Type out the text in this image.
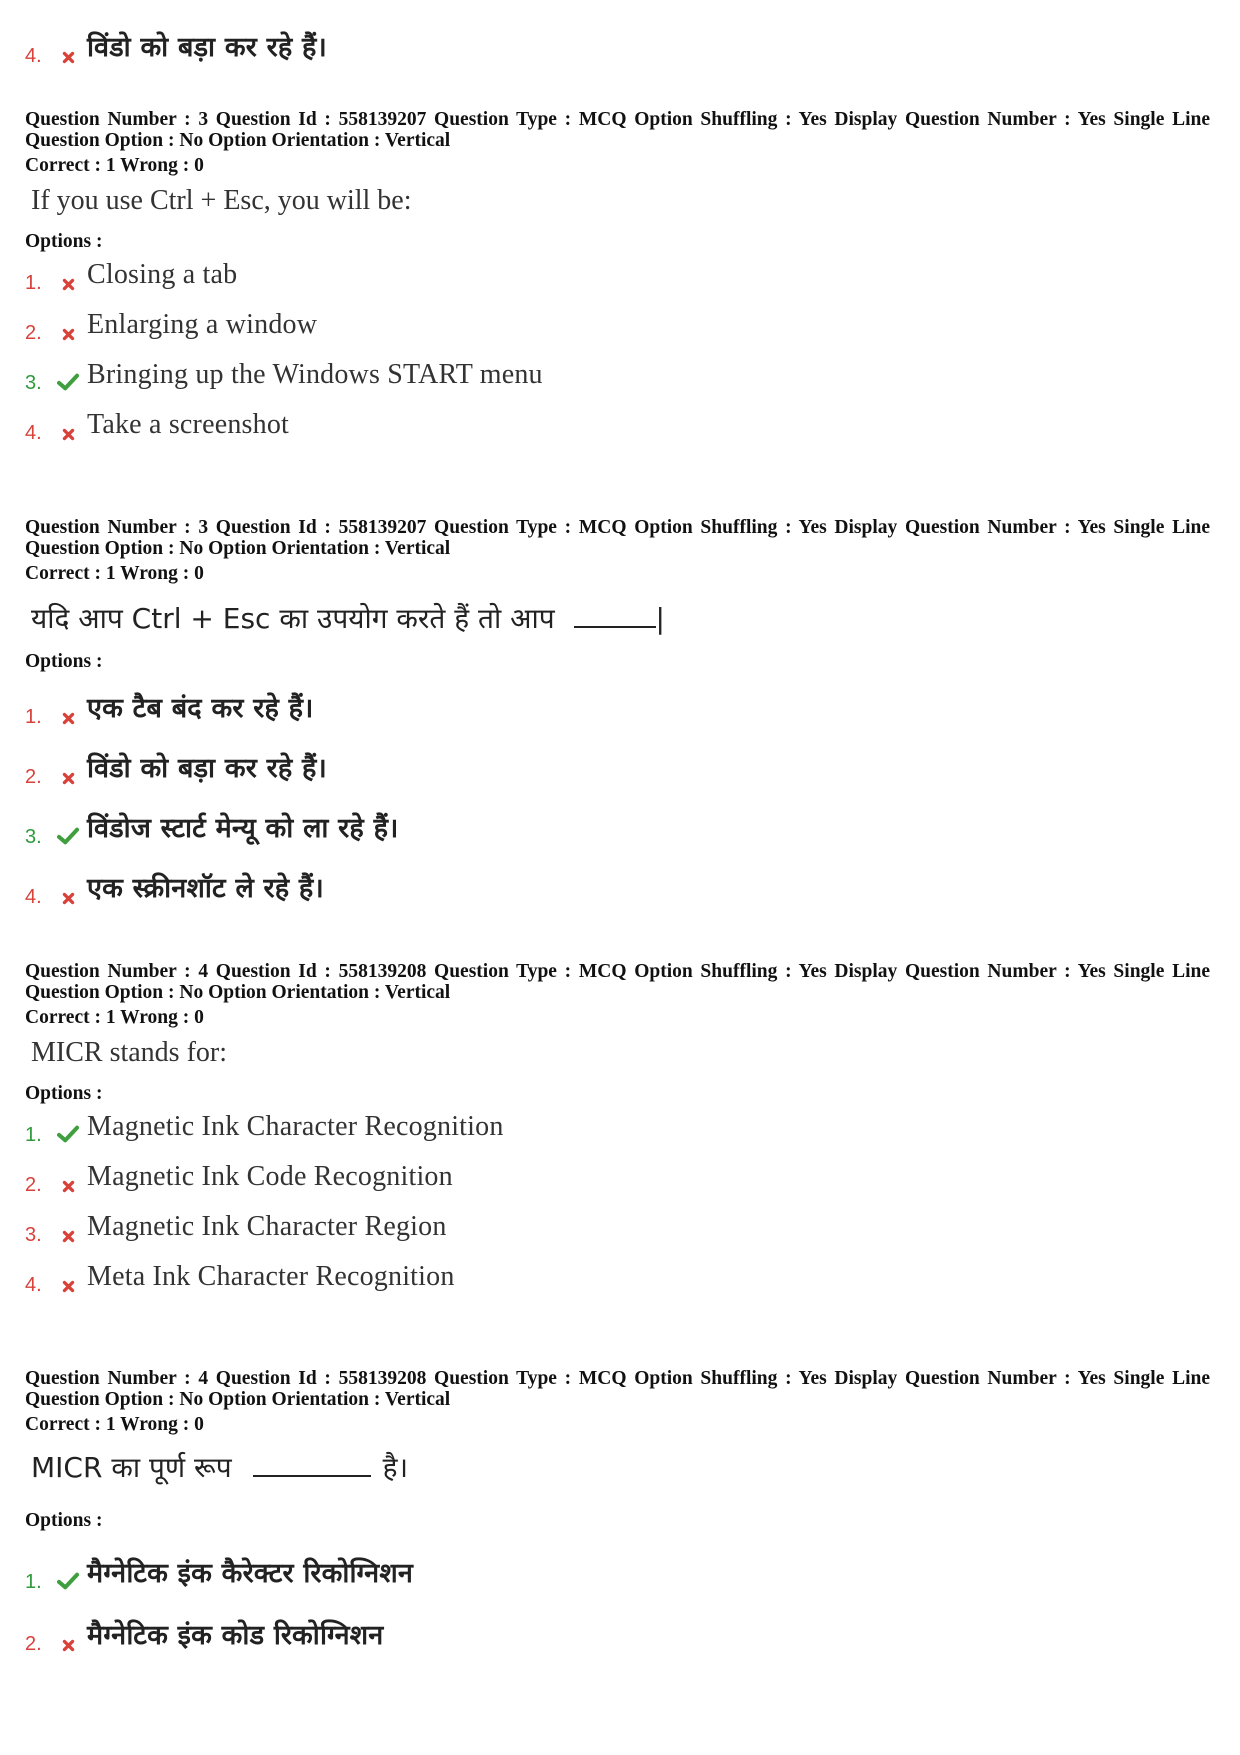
4. विंडो को बड़ा कर रहे हैं।
Question Number : 3 Question Id : 558139207 Question Type : MCQ Option Shuffling : Yes Display Question Number : Yes Single Line Question Option : No Option Orientation : Vertical
Correct : 1 Wrong : 0
If you use Ctrl + Esc, you will be:
Options :
1. Closing a tab
2. Enlarging a window
3. Bringing up the Windows START menu
4. Take a screenshot
Question Number : 3 Question Id : 558139207 Question Type : MCQ Option Shuffling : Yes Display Question Number : Yes Single Line Question Option : No Option Orientation : Vertical
Correct : 1 Wrong : 0
यदि आप Ctrl + Esc का उपयोग करते हैं तो आप	|
Options :
1. एक टैब बंद कर रहे हैं।
2. विंडो को बड़ा कर रहे हैं।
3. विंडोज स्टार्ट मेन्यू को ला रहे हैं।
4. एक स्क्रीनशॉट ले रहे हैं।
Question Number : 4 Question Id : 558139208 Question Type : MCQ Option Shuffling : Yes Display Question Number : Yes Single Line Question Option : No Option Orientation : Vertical
Correct : 1 Wrong : 0
MICR stands for:
Options :
1. Magnetic Ink Character Recognition
2. Magnetic Ink Code Recognition
3. Magnetic Ink Character Region
4. Meta Ink Character Recognition
Question Number : 4 Question Id : 558139208 Question Type : MCQ Option Shuffling : Yes Display Question Number : Yes Single Line Question Option : No Option Orientation : Vertical
Correct : 1 Wrong : 0
MICR का पूर्ण रूप	है।
Options :
1. मैग्नेटिक इंक कैरेक्टर रिकोग्निशन
2. मैग्नेटिक इंक कोड रिकोग्निशन
